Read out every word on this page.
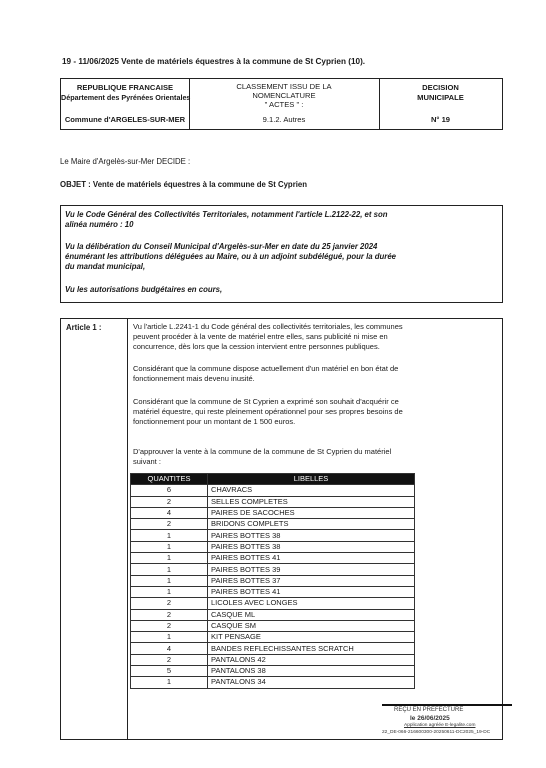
19 - 11/06/2025 Vente de matériels équestres à la commune de St Cyprien (10).
REPUBLIQUE FRANCAISE
Département des Pyrénées Orientales
Commune d'ARGELES-SUR-MER
CLASSEMENT ISSU DE LA
NOMENCLATURE
" ACTES " :
9.1.2. Autres
DECISION
MUNICIPALE
N° 19
Le Maire d'Argelès-sur-Mer DECIDE :
OBJET : Vente de matériels équestres à la commune de St Cyprien
Vu le Code Général des Collectivités Territoriales, notamment l'article L.2122-22, et son
alinéa numéro : 10
Vu la délibération du Conseil Municipal d'Argelès-sur-Mer en date du 25 janvier 2024
énumérant les attributions déléguées au Maire, ou à un adjoint subdélégué, pour la durée
du mandat municipal,
Vu les autorisations budgétaires en cours,
Article 1 :	Vu l'article L.2241-1 du Code général des collectivités territoriales, les communes
peuvent procéder à la vente de matériel entre elles, sans publicité ni mise en
concurrence, dès lors que la cession intervient entre personnes publiques.
Considérant que la commune dispose actuellement d'un matériel en bon état de
fonctionnement mais devenu inusité.
Considérant que la commune de St Cyprien a exprimé son souhait d'acquérir ce
matériel équestre, qui reste pleinement opérationnel pour ses propres besoins de
fonctionnement pour un montant de 1 500 euros.
D'approuver la vente à la commune de la commune de St Cyprien du matériel
suivant :
QUANTITES	LIBELLES
6	CHAVRACS
2	SELLES COMPLETES
4	PAIRES DE SACOCHES
2	BRIDONS COMPLETS
1	PAIRES BOTTES 38
1	PAIRES BOTTES 38
1	PAIRES BOTTES 41
1	PAIRES BOTTES 39
1	PAIRES BOTTES 37
1	PAIRES BOTTES 41
2	LICOLES AVEC LONGES
2	CASQUE ML
2	CASQUE SM
1	KIT PENSAGE
4	BANDES REFLECHISSANTES SCRATCH
2	PANTALONS 42
5	PANTALONS 38
1	PANTALONS 34
REÇU EN PREFECTURE
le 26/06/2025
Application agréée E-legalite.com
22_DE-066-216600300-20250611-DC2025_19-DC
